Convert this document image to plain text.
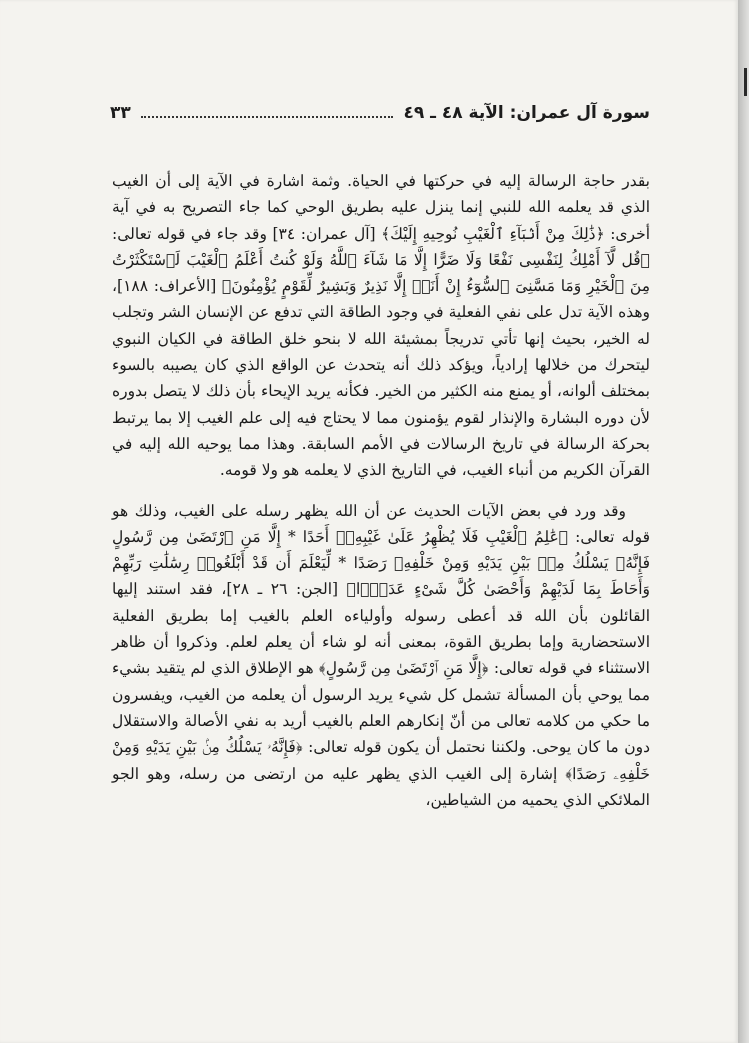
سورة آل عمران: الآية ٤٨ ـ ٤٩
٣٣

بقدر حاجة الرسالة إليه في حركتها في الحياة. وثمة اشارة في الآية إلى أن الغيب الذي قد يعلمه الله للنبي إنما ينزل عليه بطريق الوحي كما جاء التصريح به في آية أخرى: ﴿ذَٰلِكَ مِنْ أَنۢبَآءِ ٱلْغَيْبِ نُوحِيهِ إِلَيْكَ﴾ [آل عمران: ٣٤] وقد جاء في قوله تعالى: ﴿قُل لَّآ أَمْلِكُ لِنَفْسِى نَفْعًا وَلَا ضَرًّا إِلَّا مَا شَآءَ ٱللَّهُ وَلَوْ كُنتُ أَعْلَمُ ٱلْغَيْبَ لَٱسْتَكْثَرْتُ مِنَ ٱلْخَيْرِ وَمَا مَسَّنِىَ ٱلسُّوٓءُ إِنْ أَنَا۠ إِلَّا نَذِيرٌ وَبَشِيرٌ لِّقَوْمٍ يُؤْمِنُونَ﴾ [الأعراف: ١٨٨]، وهذه الآية تدل على نفي الفعلية في وجود الطاقة التي تدفع عن الإنسان الشر وتجلب له الخير، بحيث إنها تأتي تدريجاً بمشيئة الله لا بنحو خلق الطاقة في الكيان النبوي ليتحرك من خلالها إرادياً، ويؤكد ذلك أنه يتحدث عن الواقع الذي كان يصيبه بالسوء بمختلف ألوانه، أو يمنع منه الكثير من الخير. فكأنه يريد الإيحاء بأن ذلك لا يتصل بدوره لأن دوره البشارة والإنذار لقوم يؤمنون مما لا يحتاج فيه إلى علم الغيب إلا بما يرتبط بحركة الرسالة في تاريخ الرسالات في الأمم السابقة. وهذا مما يوحيه الله إليه في القرآن الكريم من أنباء الغيب، في التاريخ الذي لا يعلمه هو ولا قومه.

وقد ورد في بعض الآيات الحديث عن أن الله يظهر رسله على الغيب، وذلك هو قوله تعالى: ﴿عَٰلِمُ ٱلْغَيْبِ فَلَا يُظْهِرُ عَلَىٰ غَيْبِهِۦٓ أَحَدًا * إِلَّا مَنِ ٱرْتَضَىٰ مِن رَّسُولٍ فَإِنَّهُۥ يَسْلُكُ مِنۢ بَيْنِ يَدَيْهِ وَمِنْ خَلْفِهِۦ رَصَدًا * لِّيَعْلَمَ أَن قَدْ أَبْلَغُوا۟ رِسَٰلَٰتِ رَبِّهِمْ وَأَحَاطَ بِمَا لَدَيْهِمْ وَأَحْصَىٰ كُلَّ شَىْءٍ عَدَدًۢا﴾ [الجن: ٢٦ ـ ٢٨]، فقد استند إليها القائلون بأن الله قد أعطى رسوله وأولياءه العلم بالغيب إما بطريق الفعلية الاستحضارية وإما بطريق القوة، بمعنى أنه لو شاء أن يعلم لعلم. وذكروا أن ظاهر الاستثناء في قوله تعالى: ﴿إِلَّا مَنِ ٱرْتَضَىٰ مِن رَّسُولٍ﴾ هو الإطلاق الذي لم يتقيد بشيء مما يوحي بأن المسألة تشمل كل شيء يريد الرسول أن يعلمه من الغيب، ويفسرون ما حكي من كلامه تعالى من أنّ إنكارهم العلم بالغيب أريد به نفي الأصالة والاستقلال دون ما كان يوحى. ولكننا نحتمل أن يكون قوله تعالى: ﴿فَإِنَّهُۥ يَسْلُكُ مِنۢ بَيْنِ يَدَيْهِ وَمِنْ خَلْفِهِۦ رَصَدًا﴾ إشارة إلى الغيب الذي يظهر عليه من ارتضى من رسله، وهو الجو الملائكي الذي يحميه من الشياطين،
